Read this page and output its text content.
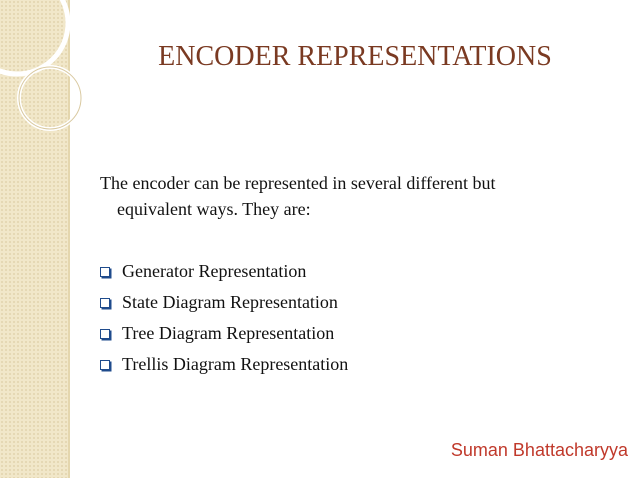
ENCODER REPRESENTATIONS
The encoder can be represented in several different but
equivalent ways. They are:
Generator Representation
State Diagram Representation
Tree Diagram Representation
Trellis Diagram Representation
Suman Bhattacharyya
